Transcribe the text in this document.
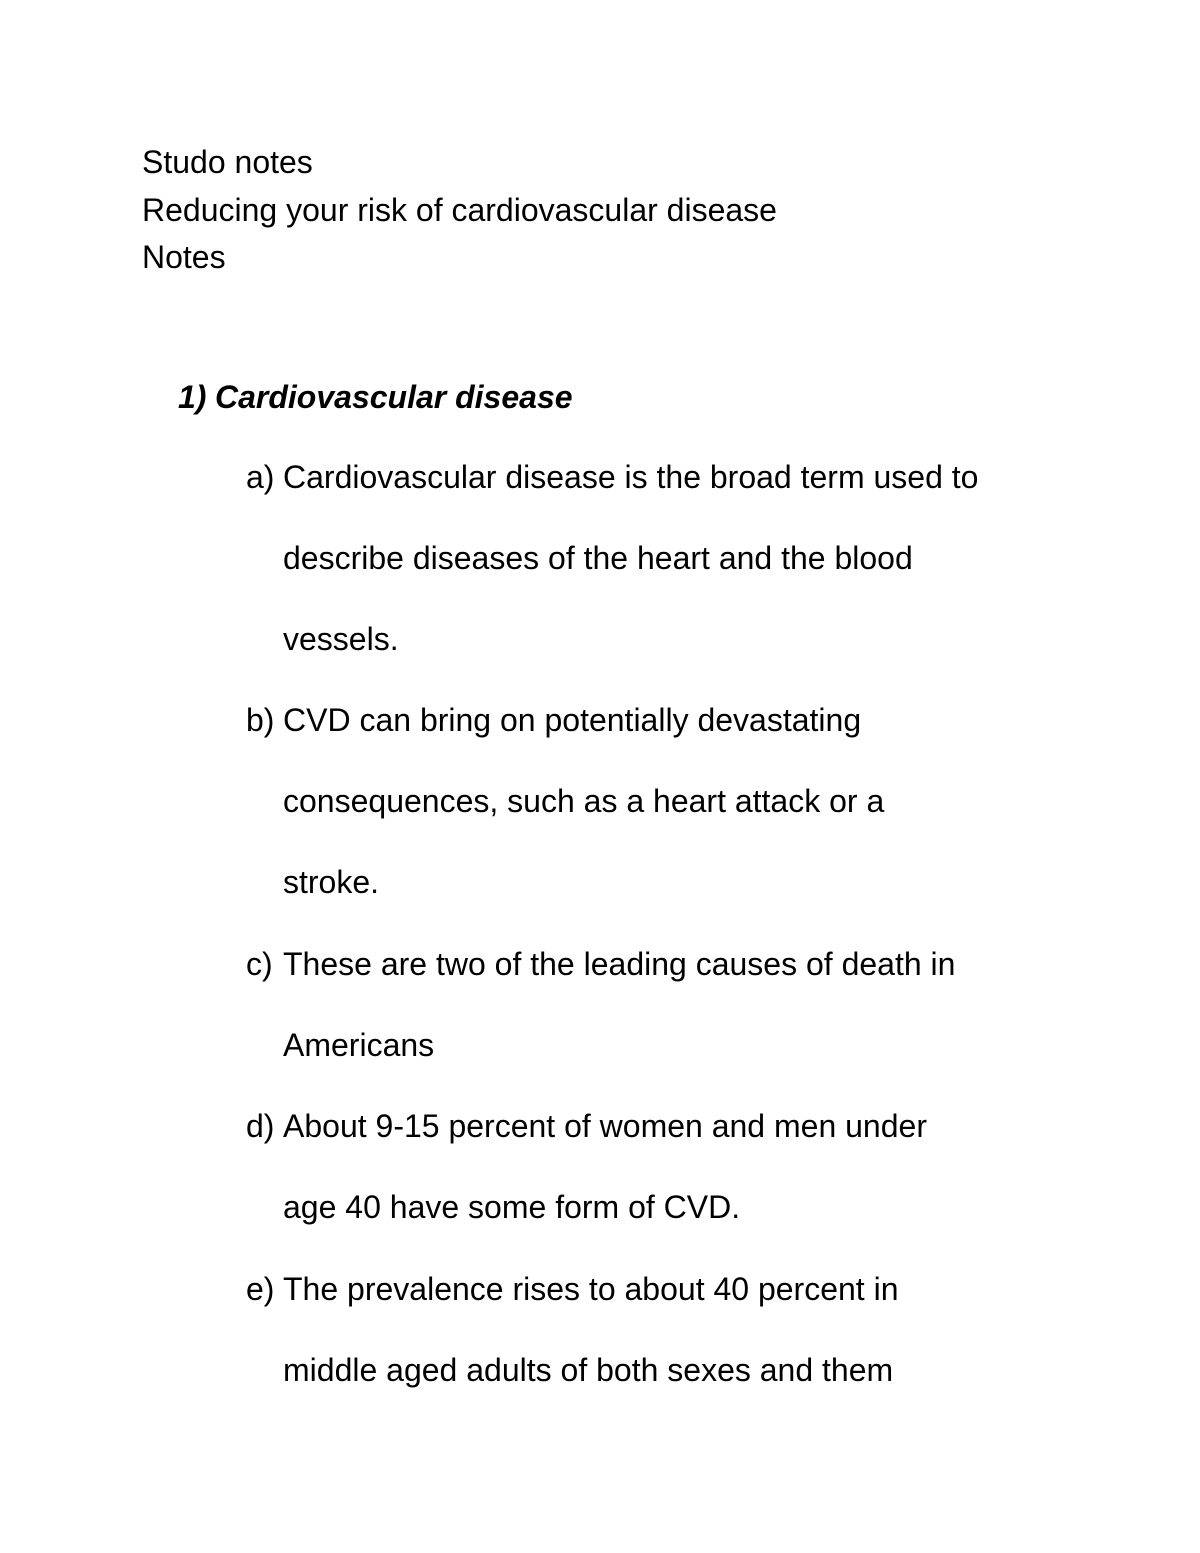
Studo notes
Reducing your risk of cardiovascular disease
Notes
1) Cardiovascular disease
a) Cardiovascular disease is the broad term used to
describe diseases of the heart and the blood
vessels.
b) CVD can bring on potentially devastating
consequences, such as a heart attack or a
stroke.
c) These are two of the leading causes of death in
Americans
d) About 9-15 percent of women and men under
age 40 have some form of CVD.
e) The prevalence rises to about 40 percent in
middle aged adults of both sexes and them
